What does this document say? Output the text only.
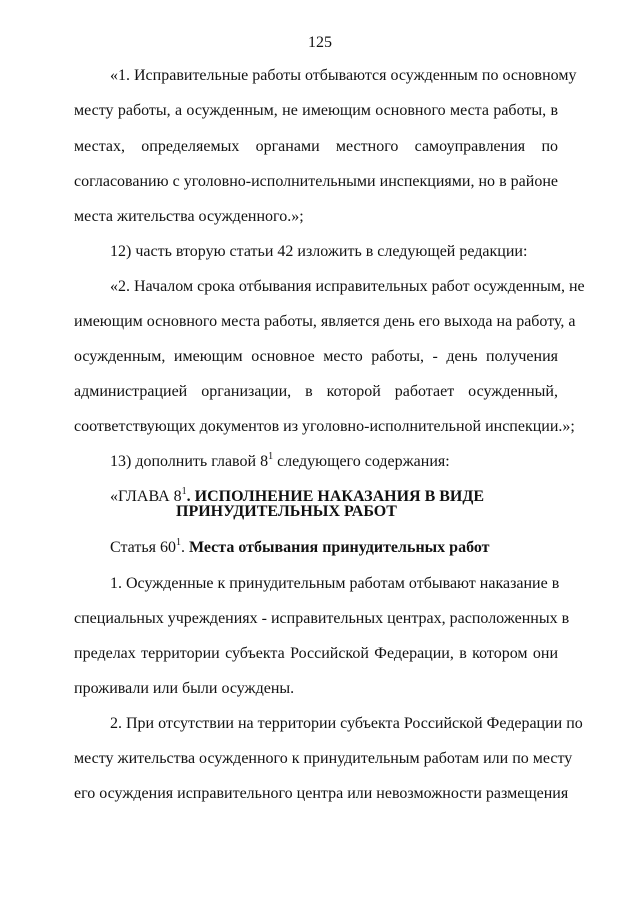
125
«1. Исправительные работы отбываются осужденным по основному
месту работы, а осужденным, не имеющим основного места работы, в
местах, определяемых органами местного самоуправления по
согласованию с уголовно-исполнительными инспекциями, но в районе
места жительства осужденного.»;
12) часть вторую статьи 42 изложить в следующей редакции:
«2. Началом срока отбывания исправительных работ осужденным, не
имеющим основного места работы, является день его выхода на работу, а
осужденным, имеющим основное место работы, - день получения
администрацией организации, в которой работает осужденный,
соответствующих документов из уголовно-исполнительной инспекции.»;
13) дополнить главой $8^1$ следующего содержания:
«ГЛАВА $8^1$. ИСПОЛНЕНИЕ НАКАЗАНИЯ В ВИДЕ
ПРИНУДИТЕЛЬНЫХ РАБОТ
Статья $60^1$. Места отбывания принудительных работ
1. Осужденные к принудительным работам отбывают наказание в
специальных учреждениях - исправительных центрах, расположенных в
пределах территории субъекта Российской Федерации, в котором они
проживали или были осуждены.
2. При отсутствии на территории субъекта Российской Федерации по
месту жительства осужденного к принудительным работам или по месту
его осуждения исправительного центра или невозможности размещения
